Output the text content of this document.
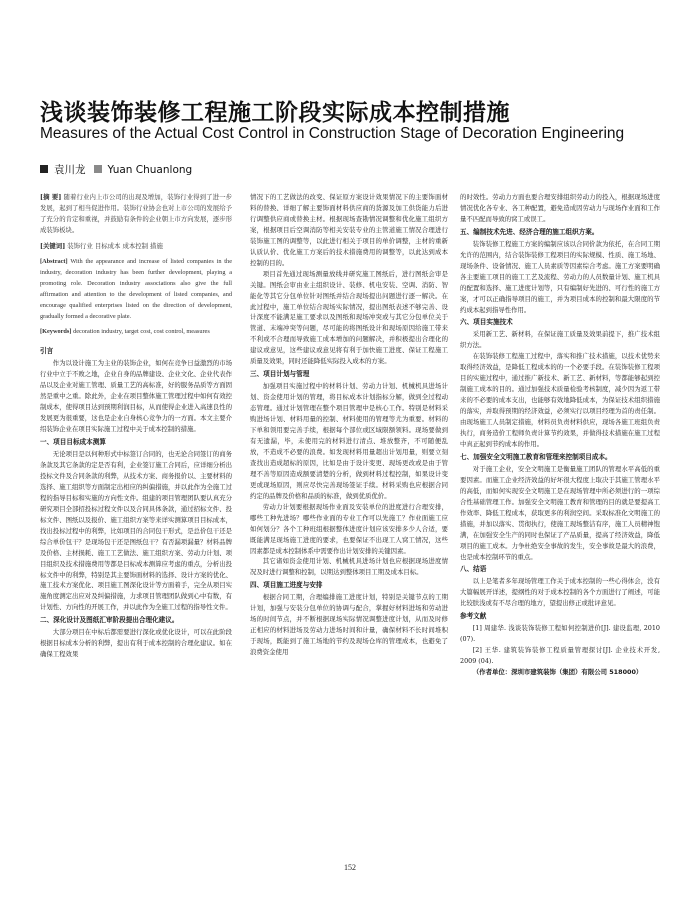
浅谈装饰装修工程施工阶段实际成本控制措施
Measures of the Actual Cost Control in Construction Stage of Decoration Engineering
袁川龙 Yuan Chuanlong

[摘 要] 随着行业内上市公司的出现及增加，装饰行业得到了进一步发展，起到了相当促进作用。装饰行业协会也对上市公司的发展给予了充分的肯定和重视，并鼓励有条件的企业朝上市方向发展，逐步形成装饰板块。

[关键词] 装饰行业 目标成本 成本控制 措施

[Abstract] With the appearance and increase of listed companies in the industry, decoration industry has been further development, playing a promoting role. Decoration industry associations also give the full affirmation and attention to the development of listed companies, and encourage qualified enterprises listed on the direction of development, gradually formed a decorative plate.

[Keywords] decoration industry, target cost, cost control, measures

引言

作为以设计施工为主业的装饰企业，如何在竞争日益激烈的市场行业中立于不败之地，企业自身的品牌建设、企业文化、企业代表作品以及企业对施工管理、质量工艺的高标准，好的服务品质等方面固然是重中之重。除此外，企业在项目整体施工管理过程中如何有效控制成本，使得项目达到预期利润目标，从而使得企业进入高速良性的发展更为很重要，这也是企业自身核心竞争力的一方面。本文主要介绍装饰企业在项目实际施工过程中关于成本控制的措施。

一、项目目标成本测算

无论项目是以何种形式中标签订合同的，也无论合同签订的商务条款及其它条款的定是否有利，企业签订施工合同后，应详细分析出投标文件及合同条款的利弊，从技术方案、商务报价以、主要材料的选择、施工组织等方面制定出相应的纠偏措施，并以此作为全施工过程的指导目标和实施的方向性文件。组建的项目管理团队要认真充分研究项目全部招投标过程文件以及合同具体条款，通过招标文件、投标文件、图纸以及报价、施工组织方案等来详实测算项目目标成本，找出投标过程中的利弊，比如项目的合同包干形式，是总价包干还是综合单价包干？是现场包干还是图纸包干？有否漏项漏量？材料品牌及价格、主材损耗、施工工艺做法、施工组织方案、劳动力计划、项目组织及技术措施费用等都是目标成本测算应考虑的重点，分析出投标文件中的利弊，特别是其主要饰面材料的选择、设计方案的优化、施工技术方案优化、项目施工图深化设计等方面着手，完全从项目实施角度测定出应对及纠偏措施，力求项目管理团队做到心中有数，有计划性、方向性的开展工作，并以此作为全施工过程的指导性文件。

二、深化设计及图纸汇审阶段提出合理化建议。

大部分项目在中标后都需要进行深化或优化设计，可以在此阶段根据目标成本分析的利弊，提出有利于成本控制的合理化建议。如在确保工程效果

情况下的工艺做法的改变、保证原方案设计效果情况下的主要饰面材料的替换、详细了解主要饰面材料供应商的货源及加工供货能力后进行调整供应商或替换主材。根据现场查勘情况调整和优化施工组织方案，根据项目后空调消防等相关安装专业的主管道施工情况合理进行装饰施工图的调整等，以此进行相关于项目的单价调整，主材的重新认质认价、优化施工方案后的技术措施费用的调整等，以此达到成本控制的目的。

项目首先通过现场测量放线并研究施工图纸后，进行图纸会审是关键。图纸会审由业主组织设计、装修、机电安装、空调、消防、智能化等其它分包单位针对图纸并结合现场提出问题进行逐一解决。在此过程中，施工单位结合现场实际情况，提出图纸表述不够完善、设计深度不能满足施工要求以及图纸和现场冲突或与其它分包单位关于管道、末端冲突等问题，尽可能的将图纸设计和现场原因给施工带来不利或不合理而导致施工成本增加的问题解决，并积极提出合理化的建议或意见，这些建议或意见将有利于加快施工进度、保证工程施工质量及效果，同时还能降低实际投入成本的方案。

三、项目计划与管理

加强项目实施过程中的材料计划、劳动力计划、机械机具进场计划、资金使用计划的管理，将目标成本计划指标分解，做到全过程动态管理。通过计划管理在整个项目管理中是核心工作。特别是材料采购进场计划、材料用量的控制、材料使用的管理等尤为重要。材料的下单和领用要完善手续，根据每个部位或区域限额领料。现场要做到有无遗漏，毕，未使用完的材料进行清点、堆放整齐，不可随便乱放，不造成不必要的浪费。如发现材料用量超出计划用量，则要立刻查找出造成超标的原因，比如是由于设计变更、现场更改或是由于管理不善等原因造成额要清楚的分析，做到材料过程控制，如果设计变更或现场原因，则应尽快完善现场签证手续。材料采购也应根据合同约定的品牌及价格和品质的标准，做到优质优价。

劳动力计划要根据现场作业面及安装单位的进度进行合理安排，哪些工种先进场？哪些作业面的专业工作可以先施工？作业面施工应如何划分？各个工种班组根据整体进度计划应该安排多少人合适，要既能满足现场施工进度的要求，也要保证不出现工人窝工情况，这些因素都是成本控制体系中需要作出计划安排的关键因素。

其它诸如资金使用计划、机械机具进场计划也应根据现场进度情况及时进行调整和控制，以期达到整体项目工期及成本目标。

四、项目施工进度与安排

根据合同工期，合理编排施工进度计划，特别是关键节点的工期计划，加强与安装分包单位的协调与配合，掌握好材料进场和劳动进场的时间节点，并不断根据现场实际情况调整进度计划，从而及时修正相应的材料进场及劳动力进场时间和计量，确保材料不长时间堆积于现场，既能到了施工场地的节约及现场仓库的管理成本，也避免了浪费资金使用

的时效性。劳动力方面也要合理安排组织劳动力的投入，根据现场进度情况优化各专业、各工种配置，避免造成因劳动力与现场作业面和工作量不匹配而导致的窝工或误工。

五、编制技术先进、经济合理的施工组织方案。

装饰装修工程施工方案的编制应该以合同价款为依托，在合同工期允许的范围内，结合装饰装修工程项目的实际规模、性质、施工场地、现场条件、设备情况、施工人员素质等因素综合考虑。施工方案要明确各主要施工项目的施工工艺及流程、劳动力的人员数量计划、施工机具的配置和选择、施工进度计划等，只有编制好先进的、可行性的施工方案，才可以正确指导项目的施工，并为项目成本的控制和最大限度的节约成本起到指导性作用。

六、项目实施技术

采用新工艺、新材料，在保证施工质量及效果前提下，推广技术组织方法。

在装饰装修工程施工过程中，落实和推广技术措施，以技术优势来取得经济效益，是降低工程成本的的一个必要手段。在装饰装修工程项目的实施过程中，通过推广新技术、新工艺、新材料，等都能够起到控制施工成本的目的。通过加强技术质量检验考核制度，减少因为返工带来的不必要的成本支出，也能够有效地降低成本，为保证技术组织措施的落实，并取得预期的经济效益，必须实行以项目经理为首的责任制。由现场施工人员制定措施，材料员负责材料供应，现场各施工班组负责执行，商务造价工程师负责计算节约效果，并做得技术措施在施工过程中真正起到节约成本的作用。

七、加强安全文明施工教育和管理来控制项目成本。

对于施工企业，安全文明施工是衡量施工团队的管理水平高低的重要因素。而施工企业经济效益的好坏很大程度上取决于其施工管理水平的高低，而如何实现安全文明施工是在现场管理中所必须进行的一项综合性基础管理工作。加强安全文明施工教育和管理的目的就是要提高工作效率、降低工程成本，获取更多的利润空间。采取标准化文明施工的措施，并加以落实、贯彻执行，使施工现场整洁有序，施工人员精神饱满，在加强安全生产的同时也保证了产品质量，提高了经济效益，降低项目的施工成本。力争杜绝安全事故的发生，安全事故是最大的浪费，也是成本控制环节的重点。

八、结语

以上是笔者多年现场管理工作关于成本控制的一些心得体会，没有大篇幅展开详述，提纲性的对于成本控制的各个方面进行了阐述，可能比较肤浅或有不尽合理的地方，望提出修正或批评意见。

参考文献

[1] 周建华. 浅谈装饰装修工程如何控制进价[J]. 建设监理, 2010 (07).

[2] 王华. 建筑装饰装修工程质量管理探讨[J]. 企业技术开发, 2009 (04).

（作者单位：深圳市建筑装饰（集团）有限公司 518000）

152
